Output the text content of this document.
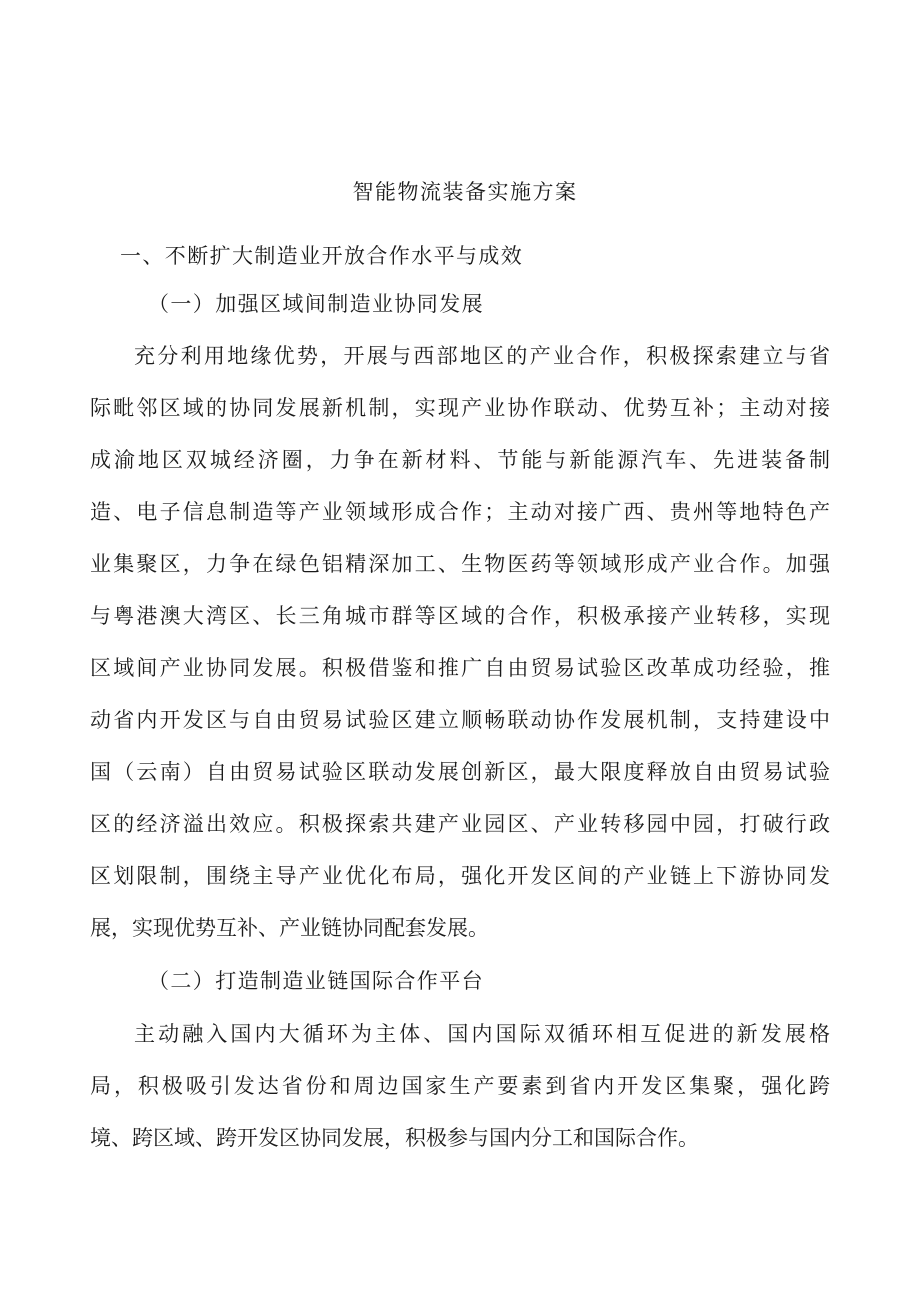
智能物流装备实施方案
一、不断扩大制造业开放合作水平与成效
（一）加强区域间制造业协同发展
充分利用地缘优势，开展与西部地区的产业合作，积极探索建立与省
际毗邻区域的协同发展新机制，实现产业协作联动、优势互补；主动对接
成渝地区双城经济圈，力争在新材料、节能与新能源汽车、先进装备制
造、电子信息制造等产业领域形成合作；主动对接广西、贵州等地特色产
业集聚区，力争在绿色铝精深加工、生物医药等领域形成产业合作。加强
与粤港澳大湾区、长三角城市群等区域的合作，积极承接产业转移，实现
区域间产业协同发展。积极借鉴和推广自由贸易试验区改革成功经验，推
动省内开发区与自由贸易试验区建立顺畅联动协作发展机制，支持建设中
国（云南）自由贸易试验区联动发展创新区，最大限度释放自由贸易试验
区的经济溢出效应。积极探索共建产业园区、产业转移园中园，打破行政
区划限制，围绕主导产业优化布局，强化开发区间的产业链上下游协同发
展，实现优势互补、产业链协同配套发展。
（二）打造制造业链国际合作平台
主动融入国内大循环为主体、国内国际双循环相互促进的新发展格
局，积极吸引发达省份和周边国家生产要素到省内开发区集聚，强化跨
境、跨区域、跨开发区协同发展，积极参与国内分工和国际合作。
